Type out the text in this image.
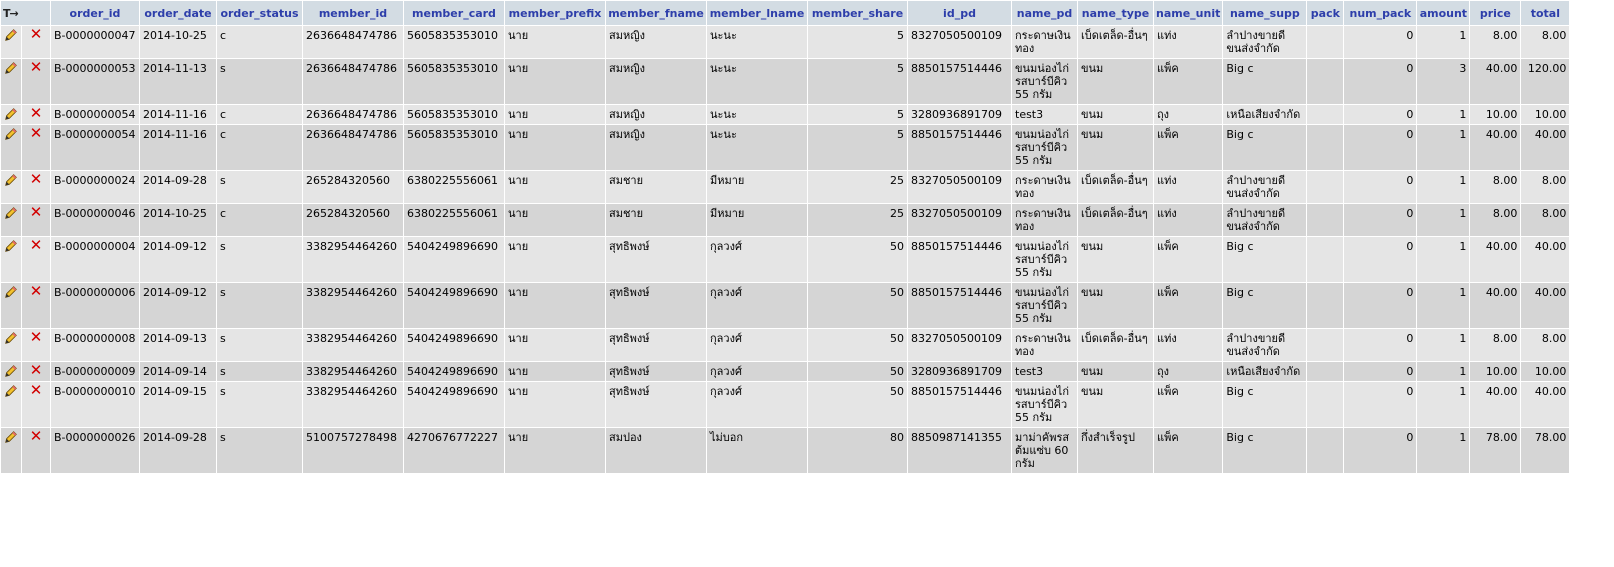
T→		order_id	order_date	order_status	member_id	member_card	member_prefix	member_fname	member_lname	member_share	id_pd	name_pd	name_type	name_unit	name_supp	pack	num_pack	amount	price	total
	✕	B-0000000047	2014-10-25	c	2636648474786	5605835353010	นาย	สมหญิง	นะนะ	5	8327050500109	กระดาษเงินทอง	เบ็ดเตล็ด-อื่นๆ	แท่ง	ลำปางขายดีขนส่งจำกัด		0	1	8.00	8.00
	✕	B-0000000053	2014-11-13	s	2636648474786	5605835353010	นาย	สมหญิง	นะนะ	5	8850157514446	ขนมน่องไก่รสบาร์บีคิว 55 กรัม	ขนม	แพ็ค	Big c		0	3	40.00	120.00
	✕	B-0000000054	2014-11-16	c	2636648474786	5605835353010	นาย	สมหญิง	นะนะ	5	3280936891709	test3	ขนม	ถุง	เหนือเสียงจำกัด		0	1	10.00	10.00
	✕	B-0000000054	2014-11-16	c	2636648474786	5605835353010	นาย	สมหญิง	นะนะ	5	8850157514446	ขนมน่องไก่รสบาร์บีคิว 55 กรัม	ขนม	แพ็ค	Big c		0	1	40.00	40.00
	✕	B-0000000024	2014-09-28	s	265284320560	6380225556061	นาย	สมชาย	มีหมาย	25	8327050500109	กระดาษเงินทอง	เบ็ดเตล็ด-อื่นๆ	แท่ง	ลำปางขายดีขนส่งจำกัด		0	1	8.00	8.00
	✕	B-0000000046	2014-10-25	c	265284320560	6380225556061	นาย	สมชาย	มีหมาย	25	8327050500109	กระดาษเงินทอง	เบ็ดเตล็ด-อื่นๆ	แท่ง	ลำปางขายดีขนส่งจำกัด		0	1	8.00	8.00
	✕	B-0000000004	2014-09-12	s	3382954464260	5404249896690	นาย	สุทธิพงษ์	กุลวงศ์	50	8850157514446	ขนมน่องไก่รสบาร์บีคิว 55 กรัม	ขนม	แพ็ค	Big c		0	1	40.00	40.00
	✕	B-0000000006	2014-09-12	s	3382954464260	5404249896690	นาย	สุทธิพงษ์	กุลวงศ์	50	8850157514446	ขนมน่องไก่รสบาร์บีคิว 55 กรัม	ขนม	แพ็ค	Big c		0	1	40.00	40.00
	✕	B-0000000008	2014-09-13	s	3382954464260	5404249896690	นาย	สุทธิพงษ์	กุลวงศ์	50	8327050500109	กระดาษเงินทอง	เบ็ดเตล็ด-อื่นๆ	แท่ง	ลำปางขายดีขนส่งจำกัด		0	1	8.00	8.00
	✕	B-0000000009	2014-09-14	s	3382954464260	5404249896690	นาย	สุทธิพงษ์	กุลวงศ์	50	3280936891709	test3	ขนม	ถุง	เหนือเสียงจำกัด		0	1	10.00	10.00
	✕	B-0000000010	2014-09-15	s	3382954464260	5404249896690	นาย	สุทธิพงษ์	กุลวงศ์	50	8850157514446	ขนมน่องไก่รสบาร์บีคิว 55 กรัม	ขนม	แพ็ค	Big c		0	1	40.00	40.00
	✕	B-0000000026	2014-09-28	s	5100757278498	4270676772227	นาย	สมปอง	ไม่บอก	80	8850987141355	มาม่าคัพรสต้มแซ่บ 60 กรัม	กึ่งสำเร็จรูป	แพ็ค	Big c		0	1	78.00	78.00
